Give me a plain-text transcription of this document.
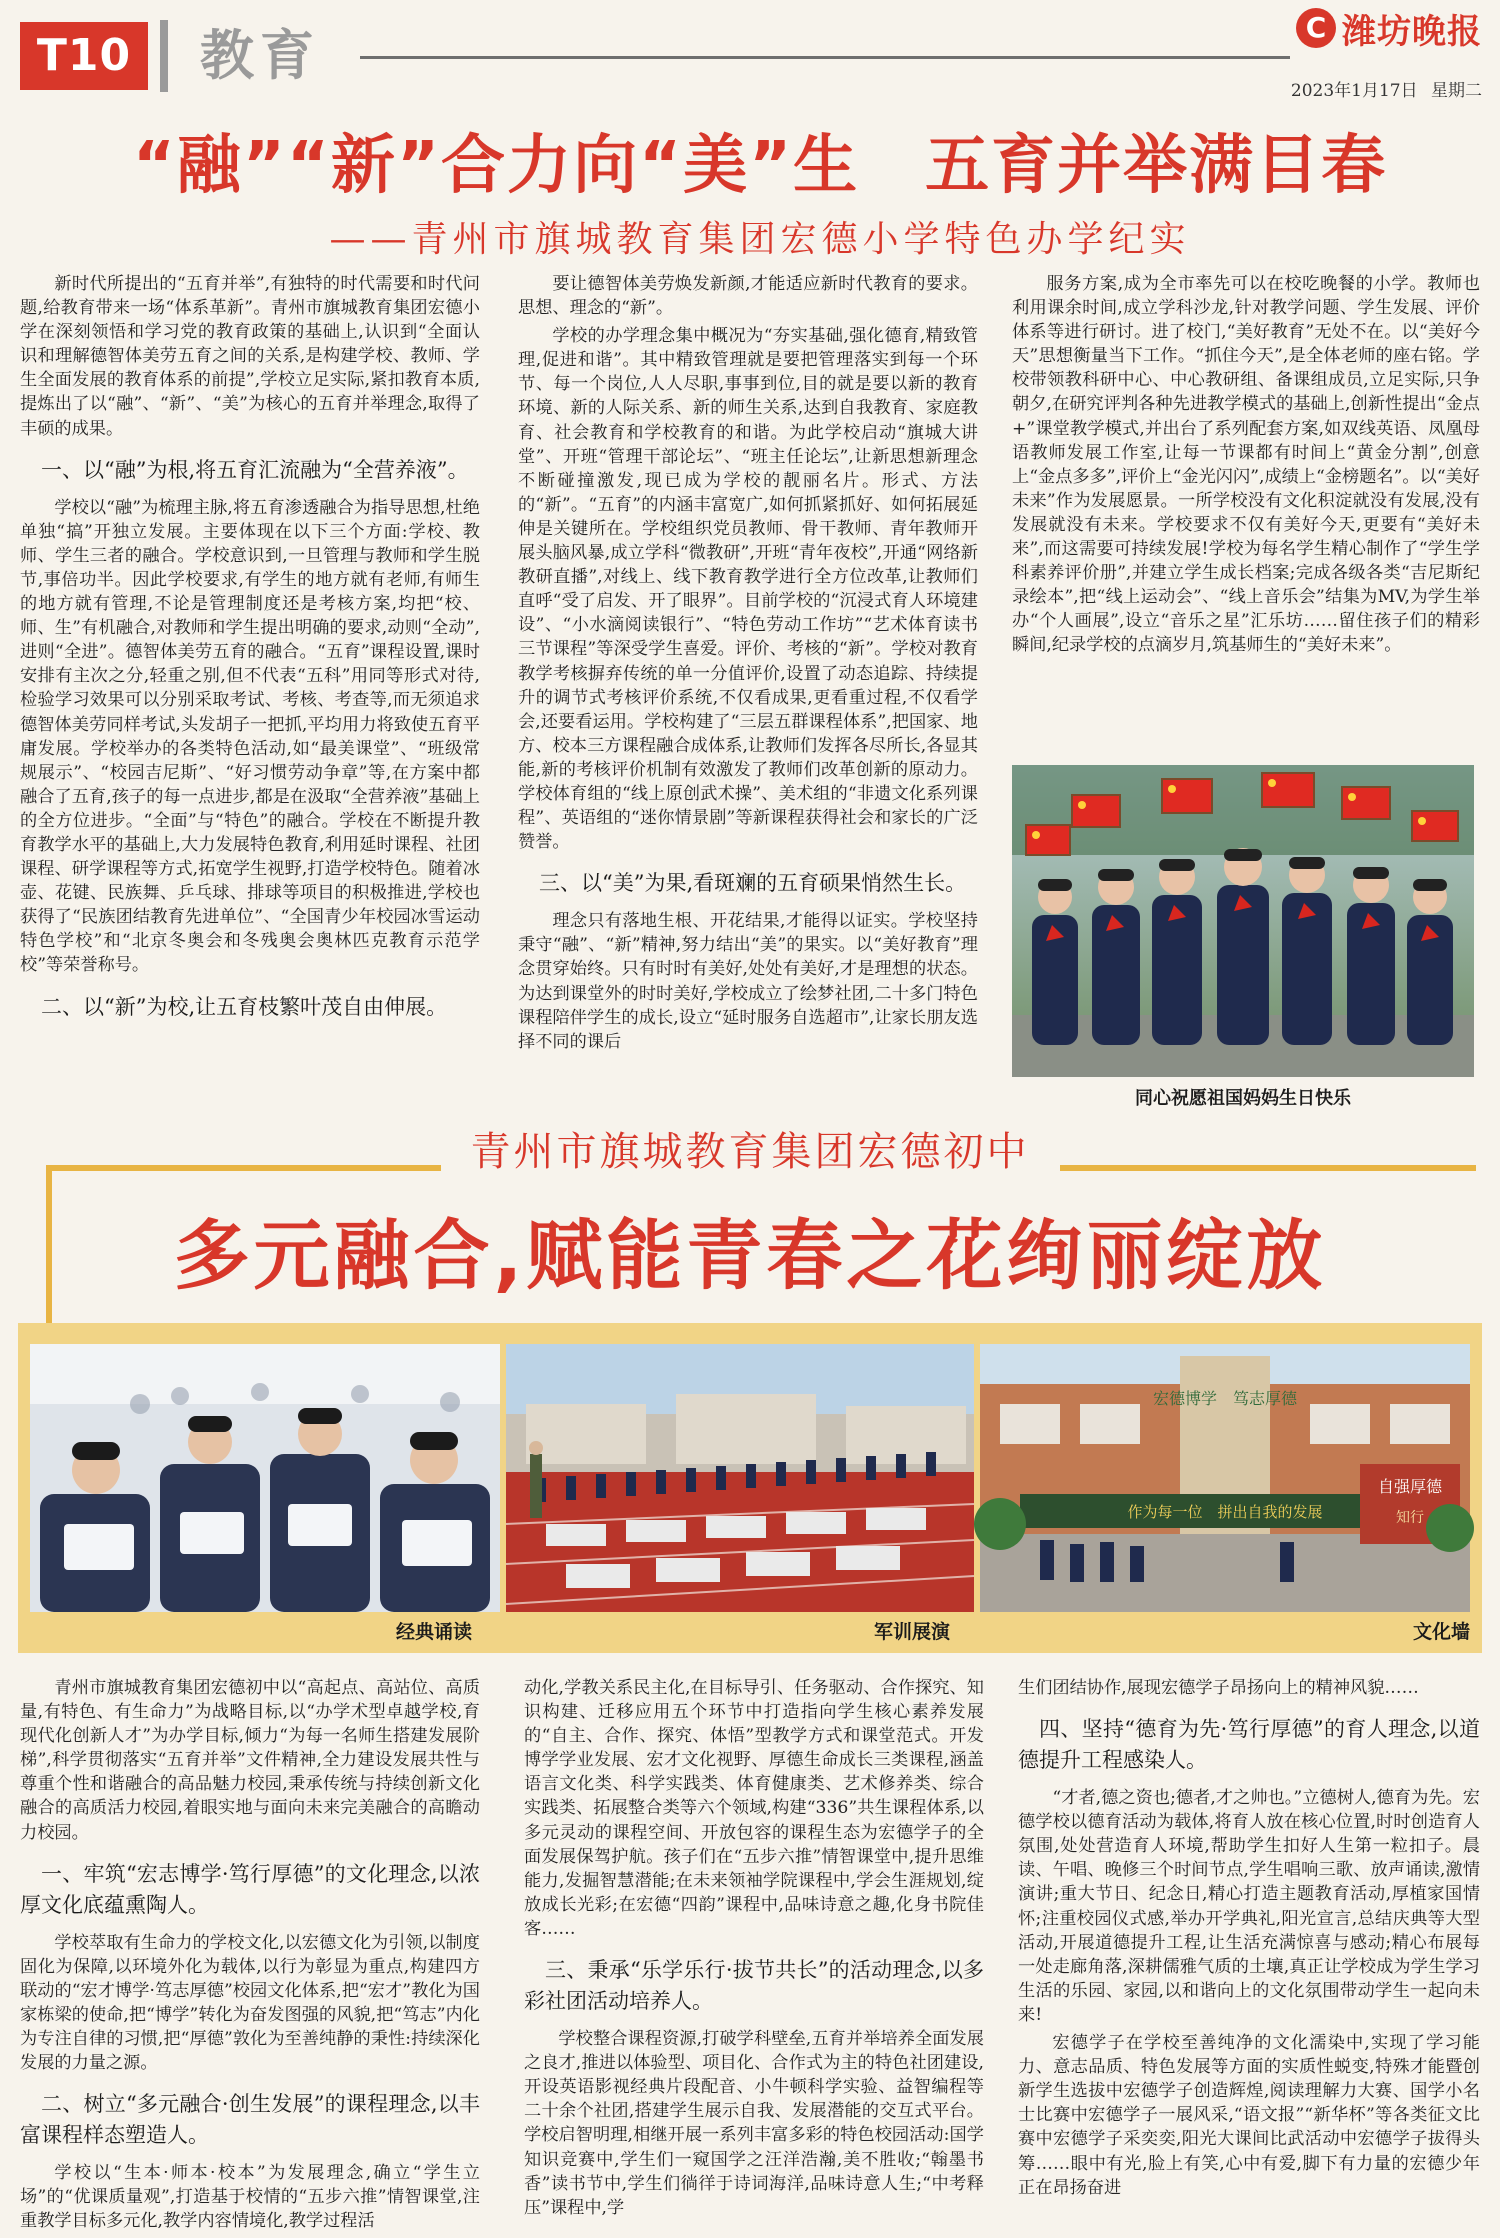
T10	教育	C 潍坊晚报
2023年1月17日 星期二
“融”“新”合力向“美”生　五育并举满目春
——青州市旗城教育集团宏德小学特色办学纪实

新时代所提出的“五育并举”,有独特的时代需要和时代问题,给教育带来一场“体系革新”。青州市旗城教育集团宏德小学在深刻领悟和学习党的教育政策的基础上,认识到“全面认识和理解德智体美劳五育之间的关系,是构建学校、教师、学生全面发展的教育体系的前提”,学校立足实际,紧扣教育本质,提炼出了以“融”、“新”、“美”为核心的五育并举理念,取得了丰硕的成果。

一、以“融”为根,将五育汇流融为“全营养液”。

学校以“融”为梳理主脉,将五育渗透融合为指导思想,杜绝单独“搞”开独立发展。主要体现在以下三个方面:学校、教师、学生三者的融合。学校意识到,一旦管理与教师和学生脱节,事倍功半。因此学校要求,有学生的地方就有老师,有师生的地方就有管理,不论是管理制度还是考核方案,均把“校、师、生”有机融合,对教师和学生提出明确的要求,动则“全动”,进则“全进”。德智体美劳五育的融合。“五育”课程设置,课时安排有主次之分,轻重之别,但不代表“五科”用同等形式对待,检验学习效果可以分别采取考试、考核、考查等,而无须追求德智体美劳同样考试,头发胡子一把抓,平均用力将致使五育平庸发展。学校举办的各类特色活动,如“最美课堂”、“班级常规展示”、“校园吉尼斯”、“好习惯劳动争章”等,在方案中都融合了五育,孩子的每一点进步,都是在汲取“全营养液”基础上的全方位进步。“全面”与“特色”的融合。学校在不断提升教育教学水平的基础上,大力发展特色教育,利用延时课程、社团课程、研学课程等方式,拓宽学生视野,打造学校特色。随着冰壶、花键、民族舞、乒乓球、排球等项目的积极推进,学校也获得了“民族团结教育先进单位”、“全国青少年校园冰雪运动特色学校”和“北京冬奥会和冬残奥会奥林匹克教育示范学校”等荣誉称号。

二、以“新”为校,让五育枝繁叶茂自由伸展。

要让德智体美劳焕发新颜,才能适应新时代教育的要求。思想、理念的“新”。

学校的办学理念集中概况为“夯实基础,强化德育,精致管理,促进和谐”。其中精致管理就是要把管理落实到每一个环节、每一个岗位,人人尽职,事事到位,目的就是要以新的教育环境、新的人际关系、新的师生关系,达到自我教育、家庭教育、社会教育和学校教育的和谐。为此学校启动“旗城大讲堂”、开班“管理干部论坛”、“班主任论坛”,让新思想新理念不断碰撞激发,现已成为学校的靓丽名片。形式、方法的“新”。“五育”的内涵丰富宽广,如何抓紧抓好、如何拓展延伸是关键所在。学校组织党员教师、骨干教师、青年教师开展头脑风暴,成立学科“微教研”,开班“青年夜校”,开通“网络新教研直播”,对线上、线下教育教学进行全方位改革,让教师们直呼“受了启发、开了眼界”。目前学校的“沉浸式育人环境建设”、“小水滴阅读银行”、“特色劳动工作坊”“艺术体育读书三节课程”等深受学生喜爱。评价、考核的“新”。学校对教育教学考核摒弃传统的单一分值评价,设置了动态追踪、持续提升的调节式考核评价系统,不仅看成果,更看重过程,不仅看学会,还要看运用。学校构建了“三层五群课程体系”,把国家、地方、校本三方课程融合成体系,让教师们发挥各尽所长,各显其能,新的考核评价机制有效激发了教师们改革创新的原动力。学校体育组的“线上原创武术操”、美术组的“非遗文化系列课程”、英语组的“迷你情景剧”等新课程获得社会和家长的广泛赞誉。

三、以“美”为果,看斑斓的五育硕果悄然生长。

理念只有落地生根、开花结果,才能得以证实。学校坚持秉守“融”、“新”精神,努力结出“美”的果实。以“美好教育”理念贯穿始终。只有时时有美好,处处有美好,才是理想的状态。为达到课堂外的时时美好,学校成立了绘梦社团,二十多门特色课程陪伴学生的成长,设立“延时服务自选超市”,让家长朋友选择不同的课后

服务方案,成为全市率先可以在校吃晚餐的小学。教师也利用课余时间,成立学科沙龙,针对教学问题、学生发展、评价体系等进行研讨。进了校门,“美好教育”无处不在。以“美好今天”思想衡量当下工作。“抓住今天”,是全体老师的座右铭。学校带领教科研中心、中心教研组、备课组成员,立足实际,只争朝夕,在研究评判各种先进教学模式的基础上,创新性提出“金点+”课堂教学模式,并出台了系列配套方案,如双线英语、凤凰母语教师发展工作室,让每一节课都有时间上“黄金分割”,创意上“金点多多”,评价上“金光闪闪”,成绩上“金榜题名”。以“美好未来”作为发展愿景。一所学校没有文化积淀就没有发展,没有发展就没有未来。学校要求不仅有美好今天,更要有“美好未来”,而这需要可持续发展!学校为每名学生精心制作了“学生学科素养评价册”,并建立学生成长档案;完成各级各类“吉尼斯纪录绘本”,把“线上运动会”、“线上音乐会”结集为MV,为学生举办“个人画展”,设立“音乐之星”汇乐坊……留住孩子们的精彩瞬间,纪录学校的点滴岁月,筑基师生的“美好未来”。

同心祝愿祖国妈妈生日快乐
青州市旗城教育集团宏德初中
多元融合,赋能青春之花绚丽绽放
经典诵读	军训展演
宏德博学　笃志厚德
作为每一位　拼出自我的发展
自强厚德
知行
文化墙

青州市旗城教育集团宏德初中以“高起点、高站位、高质量,有特色、有生命力”为战略目标,以“办学术型卓越学校,育现代化创新人才”为办学目标,倾力“为每一名师生搭建发展阶梯”,科学贯彻落实“五育并举”文件精神,全力建设发展共性与尊重个性和谐融合的高品魅力校园,秉承传统与持续创新文化融合的高质活力校园,着眼实地与面向未来完美融合的高瞻动力校园。

一、牢筑“宏志博学·笃行厚德”的文化理念,以浓厚文化底蕴熏陶人。

学校萃取有生命力的学校文化,以宏德文化为引领,以制度固化为保障,以环境外化为载体,以行为彰显为重点,构建四方联动的“宏才博学·笃志厚德”校园文化体系,把“宏才”教化为国家栋梁的使命,把“博学”转化为奋发图强的风貌,把“笃志”内化为专注自律的习惯,把“厚德”敦化为至善纯静的秉性:持续深化发展的力量之源。

二、树立“多元融合·创生发展”的课程理念,以丰富课程样态塑造人。

学校以“生本·师本·校本”为发展理念,确立“学生立场”的“优课质量观”,打造基于校情的“五步六推”情智课堂,注重教学目标多元化,教学内容情境化,教学过程活

动化,学教关系民主化,在目标导引、任务驱动、合作探究、知识构建、迁移应用五个环节中打造指向学生核心素养发展的“自主、合作、探究、体悟”型教学方式和课堂范式。开发博学学业发展、宏才文化视野、厚德生命成长三类课程,涵盖语言文化类、科学实践类、体育健康类、艺术修养类、综合实践类、拓展整合类等六个领域,构建“336”共生课程体系,以多元灵动的课程空间、开放包容的课程生态为宏德学子的全面发展保驾护航。孩子们在“五步六推”情智课堂中,提升思维能力,发掘智慧潜能;在未来领袖学院课程中,学会生涯规划,绽放成长光彩;在宏德“四韵”课程中,品味诗意之趣,化身书院佳客……

三、秉承“乐学乐行·拔节共长”的活动理念,以多彩社团活动培养人。

学校整合课程资源,打破学科壁垒,五育并举培养全面发展之良才,推进以体验型、项目化、合作式为主的特色社团建设,开设英语影视经典片段配音、小牛顿科学实验、益智编程等二十余个社团,搭建学生展示自我、发展潜能的交互式平台。学校启智明理,相继开展一系列丰富多彩的特色校园活动:国学知识竞赛中,学生们一窥国学之汪洋浩瀚,美不胜收;“翰墨书香”读书节中,学生们徜徉于诗词海洋,品味诗意人生;“中考释压”课程中,学

生们团结协作,展现宏德学子昂扬向上的精神风貌……

四、坚持“德育为先·笃行厚德”的育人理念,以道德提升工程感染人。

“才者,德之资也;德者,才之帅也。”立德树人,德育为先。宏德学校以德育活动为载体,将育人放在核心位置,时时创造育人氛围,处处营造育人环境,帮助学生扣好人生第一粒扣子。晨读、午唱、晚修三个时间节点,学生唱响三歌、放声诵读,激情演讲;重大节日、纪念日,精心打造主题教育活动,厚植家国情怀;注重校园仪式感,举办开学典礼,阳光宣言,总结庆典等大型活动,开展道德提升工程,让生活充满惊喜与感动;精心布展每一处走廊角落,深耕儒雅气质的土壤,真正让学校成为学生学习生活的乐园、家园,以和谐向上的文化氛围带动学生一起向未来!

宏德学子在学校至善纯净的文化濡染中,实现了学习能力、意志品质、特色发展等方面的实质性蜕变,特殊才能暨创新学生选拔中宏德学子创造辉煌,阅读理解力大赛、国学小名士比赛中宏德学子一展风采,“语文报”“新华杯”等各类征文比赛中宏德学子采奕奕,阳光大课间比武活动中宏德学子拔得头筹……眼中有光,脸上有笑,心中有爱,脚下有力量的宏德少年正在昂扬奋进
